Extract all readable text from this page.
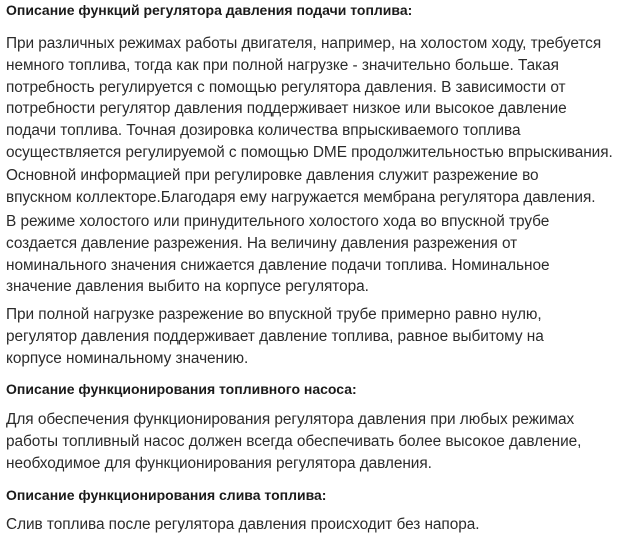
Описание функций регулятора давления подачи топлива:

При различных режимах работы двигателя, например, на холостом ходу, требуется
немного топлива, тогда как при полной нагрузке - значительно больше. Такая
потребность регулируется с помощью регулятора давления. В зависимости от
потребности регулятор давления поддерживает низкое или высокое давление
подачи топлива. Точная дозировка количества впрыскиваемого топлива
осуществляется регулируемой с помощью DME продолжительностью впрыскивания.

Основной информацией при регулировке давления служит разрежение во
впускном коллекторе.Благодаря ему нагружается мембрана регулятора давления.

В режиме холостого или принудительного холостого хода во впускной трубе
создается давление разрежения. На величину давления разрежения от
номинального значения снижается давление подачи топлива. Номинальное
значение давления выбито на корпусе регулятора.

При полной нагрузке разрежение во впускной трубе примерно равно нулю,
регулятор давления поддерживает давление топлива, равное выбитому на
корпусе номинальному значению.

Описание функционирования топливного насоса:

Для обеспечения функционирования регулятора давления при любых режимах
работы топливный насос должен всегда обеспечивать более высокое давление,
необходимое для функционирования регулятора давления.

Описание функционирования слива топлива:

Слив топлива после регулятора давления происходит без напора.
